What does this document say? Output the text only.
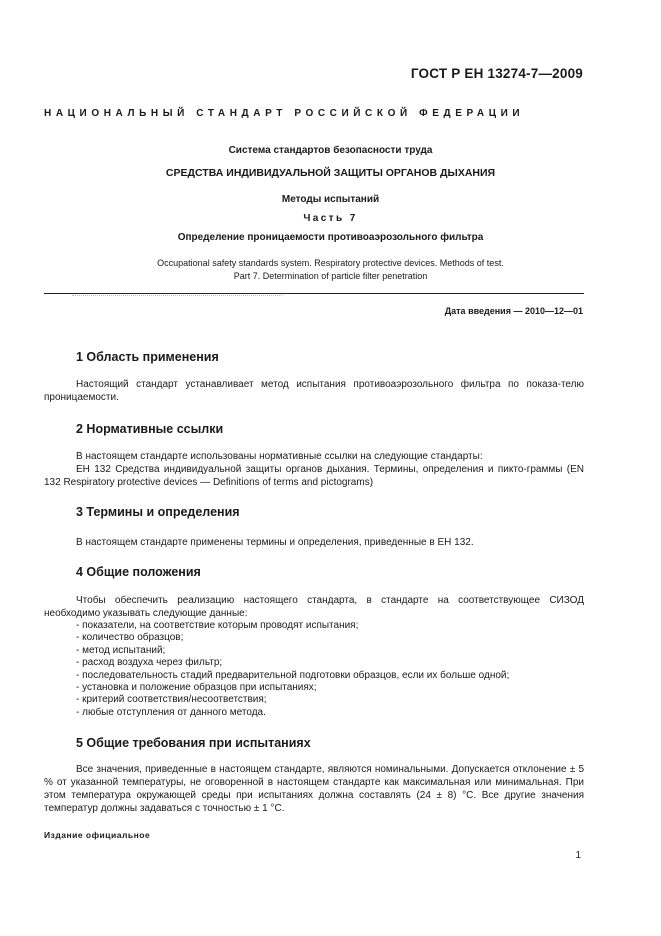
ГОСТ Р ЕН 13274-7—2009
НАЦИОНАЛЬНЫЙ СТАНДАРТ РОССИЙСКОЙ ФЕДЕРАЦИИ
Система стандартов безопасности труда
СРЕДСТВА ИНДИВИДУАЛЬНОЙ ЗАЩИТЫ ОРГАНОВ ДЫХАНИЯ
Методы испытаний
Часть 7
Определение проницаемости противоаэрозольного фильтра
Occupational safety standards system. Respiratory protective devices. Methods of test.
Part 7. Determination of particle filter penetration
Дата введения — 2010—12—01
1 Область применения
Настоящий стандарт устанавливает метод испытания противоаэрозольного фильтра по показа-телю проницаемости.
2 Нормативные ссылки
В настоящем стандарте использованы нормативные ссылки на следующие стандарты:
ЕН 132 Средства индивидуальной защиты органов дыхания. Термины, определения и пикто-граммы (EN 132 Respiratory protective devices — Definitions of terms and pictograms)
3 Термины и определения
В настоящем стандарте применены термины и определения, приведенные в ЕН 132.
4 Общие положения
Чтобы обеспечить реализацию настоящего стандарта, в стандарте на соответствующее СИЗОД необходимо указывать следующие данные:
- показатели, на соответствие которым проводят испытания;
- количество образцов;
- метод испытаний;
- расход воздуха через фильтр;
- последовательность стадий предварительной подготовки образцов, если их больше одной;
- установка и положение образцов при испытаниях;
- критерий соответствия/несоответствия;
- любые отступления от данного метода.
5 Общие требования при испытаниях
Все значения, приведенные в настоящем стандарте, являются номинальными. Допускается отклонение ± 5 % от указанной температуры, не оговоренной в настоящем стандарте как максимальная или минимальная. При этом температура окружающей среды при испытаниях должна составлять (24 ± 8) °С. Все другие значения температур должны задаваться с точностью ± 1 °С.
Издание официальное
1
